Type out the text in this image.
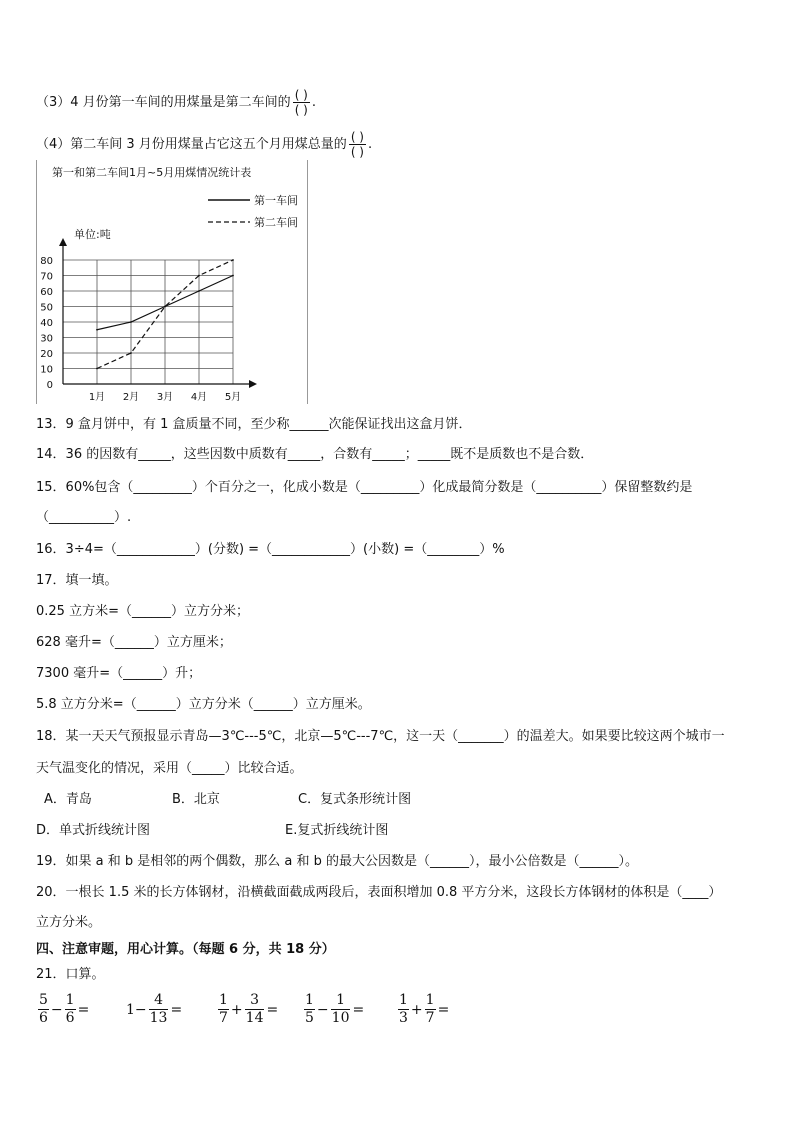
（3）4 月份第一车间的用煤量是第二车间的 $\frac{( )}{( )}$ .
（4）第二车间 3 月份用煤量占它这五个月用煤总量的 $\frac{( )}{( )}$ .
第一和第二车间1月~5月用煤情况统计表
第一车间
第二车间
单位:吨
0
10
20
30
40
50
60
70
80
1月 2月 3月 4月 5月
13．9 盒月饼中，有 1 盒质量不同，至少称______次能保证找出这盒月饼．
14．36 的因数有_____，这些因数中质数有_____，合数有_____；_____既不是质数也不是合数．
15．60%包含（_________）个百分之一，化成小数是（_________）化成最简分数是（__________）保留整数约是
（__________）.
16．3÷4=（____________）(分数) =（____________）(小数) =（________）%
17．填一填。
0.25 立方米=（______）立方分米；
628 毫升=（______）立方厘米；
7300 毫升=（______）升；
5.8 立方分米=（______）立方分米（______）立方厘米。
18．某一天天气预报显示青岛—3℃---5℃，北京—5℃---7℃，这一天（_______）的温差大。如果要比较这两个城市一
天气温变化的情况，采用（_____）比较合适。
A．青岛	B．北京	C．复式条形统计图
D．单式折线统计图	E.复式折线统计图
19．如果 a 和 b 是相邻的两个偶数，那么 a 和 b 的最大公因数是（______），最小公倍数是（______）。
20．一根长 1.5 米的长方体钢材，沿横截面截成两段后，表面积增加 0.8 平方分米，这段长方体钢材的体积是（____）
立方分米。
四、注意审题，用心计算。（每题 6 分，共 18 分）
21．口算。
$\frac{5}{6} - \frac{1}{6}$ =	$1- \frac{4}{13}$ =	$\frac{1}{7} + \frac{3}{14} = \frac{1}{5} - \frac{1}{10} = \frac{1}{3} + \frac{1}{7}$ =
